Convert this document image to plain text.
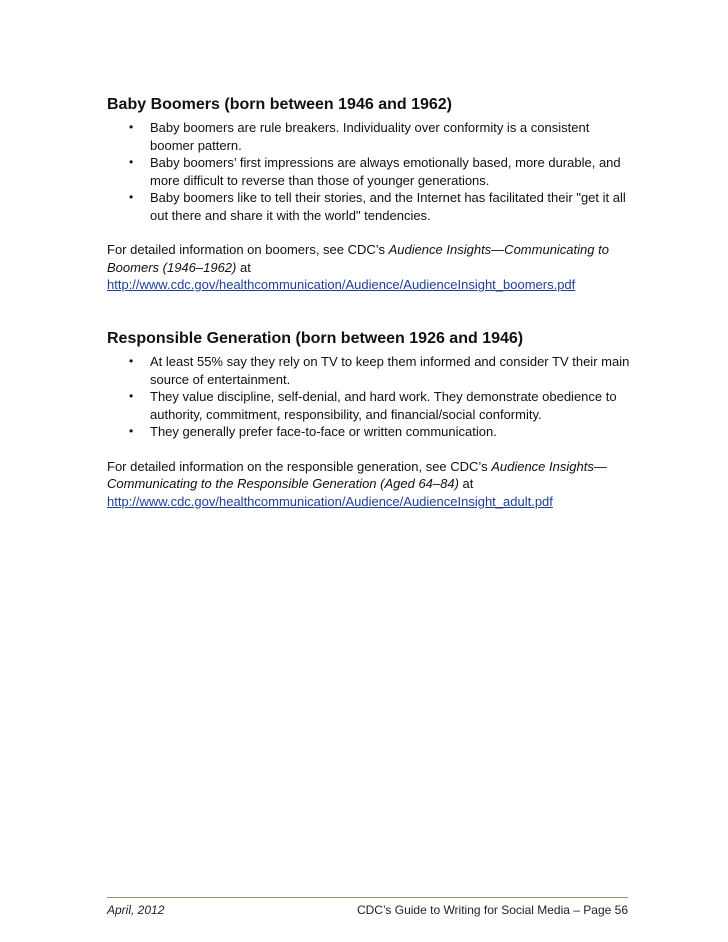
Baby Boomers (born between 1946 and 1962)
• Baby boomers are rule breakers. Individuality over conformity is a consistent boomer pattern.
• Baby boomers’ first impressions are always emotionally based, more durable, and more difficult to reverse than those of younger generations.
• Baby boomers like to tell their stories, and the Internet has facilitated their "get it all out there and share it with the world" tendencies.

For detailed information on boomers, see CDC’s Audience Insights—Communicating to Boomers (1946–1962) at
http://www.cdc.gov/healthcommunication/Audience/AudienceInsight_boomers.pdf

Responsible Generation (born between 1926 and 1946)
• At least 55% say they rely on TV to keep them informed and consider TV their main source of entertainment.
• They value discipline, self-denial, and hard work. They demonstrate obedience to authority, commitment, responsibility, and financial/social conformity.
• They generally prefer face-to-face or written communication.

For detailed information on the responsible generation, see CDC’s Audience Insights—Communicating to the Responsible Generation (Aged 64–84) at
http://www.cdc.gov/healthcommunication/Audience/AudienceInsight_adult.pdf

April, 2012	CDC’s Guide to Writing for Social Media – Page 56
